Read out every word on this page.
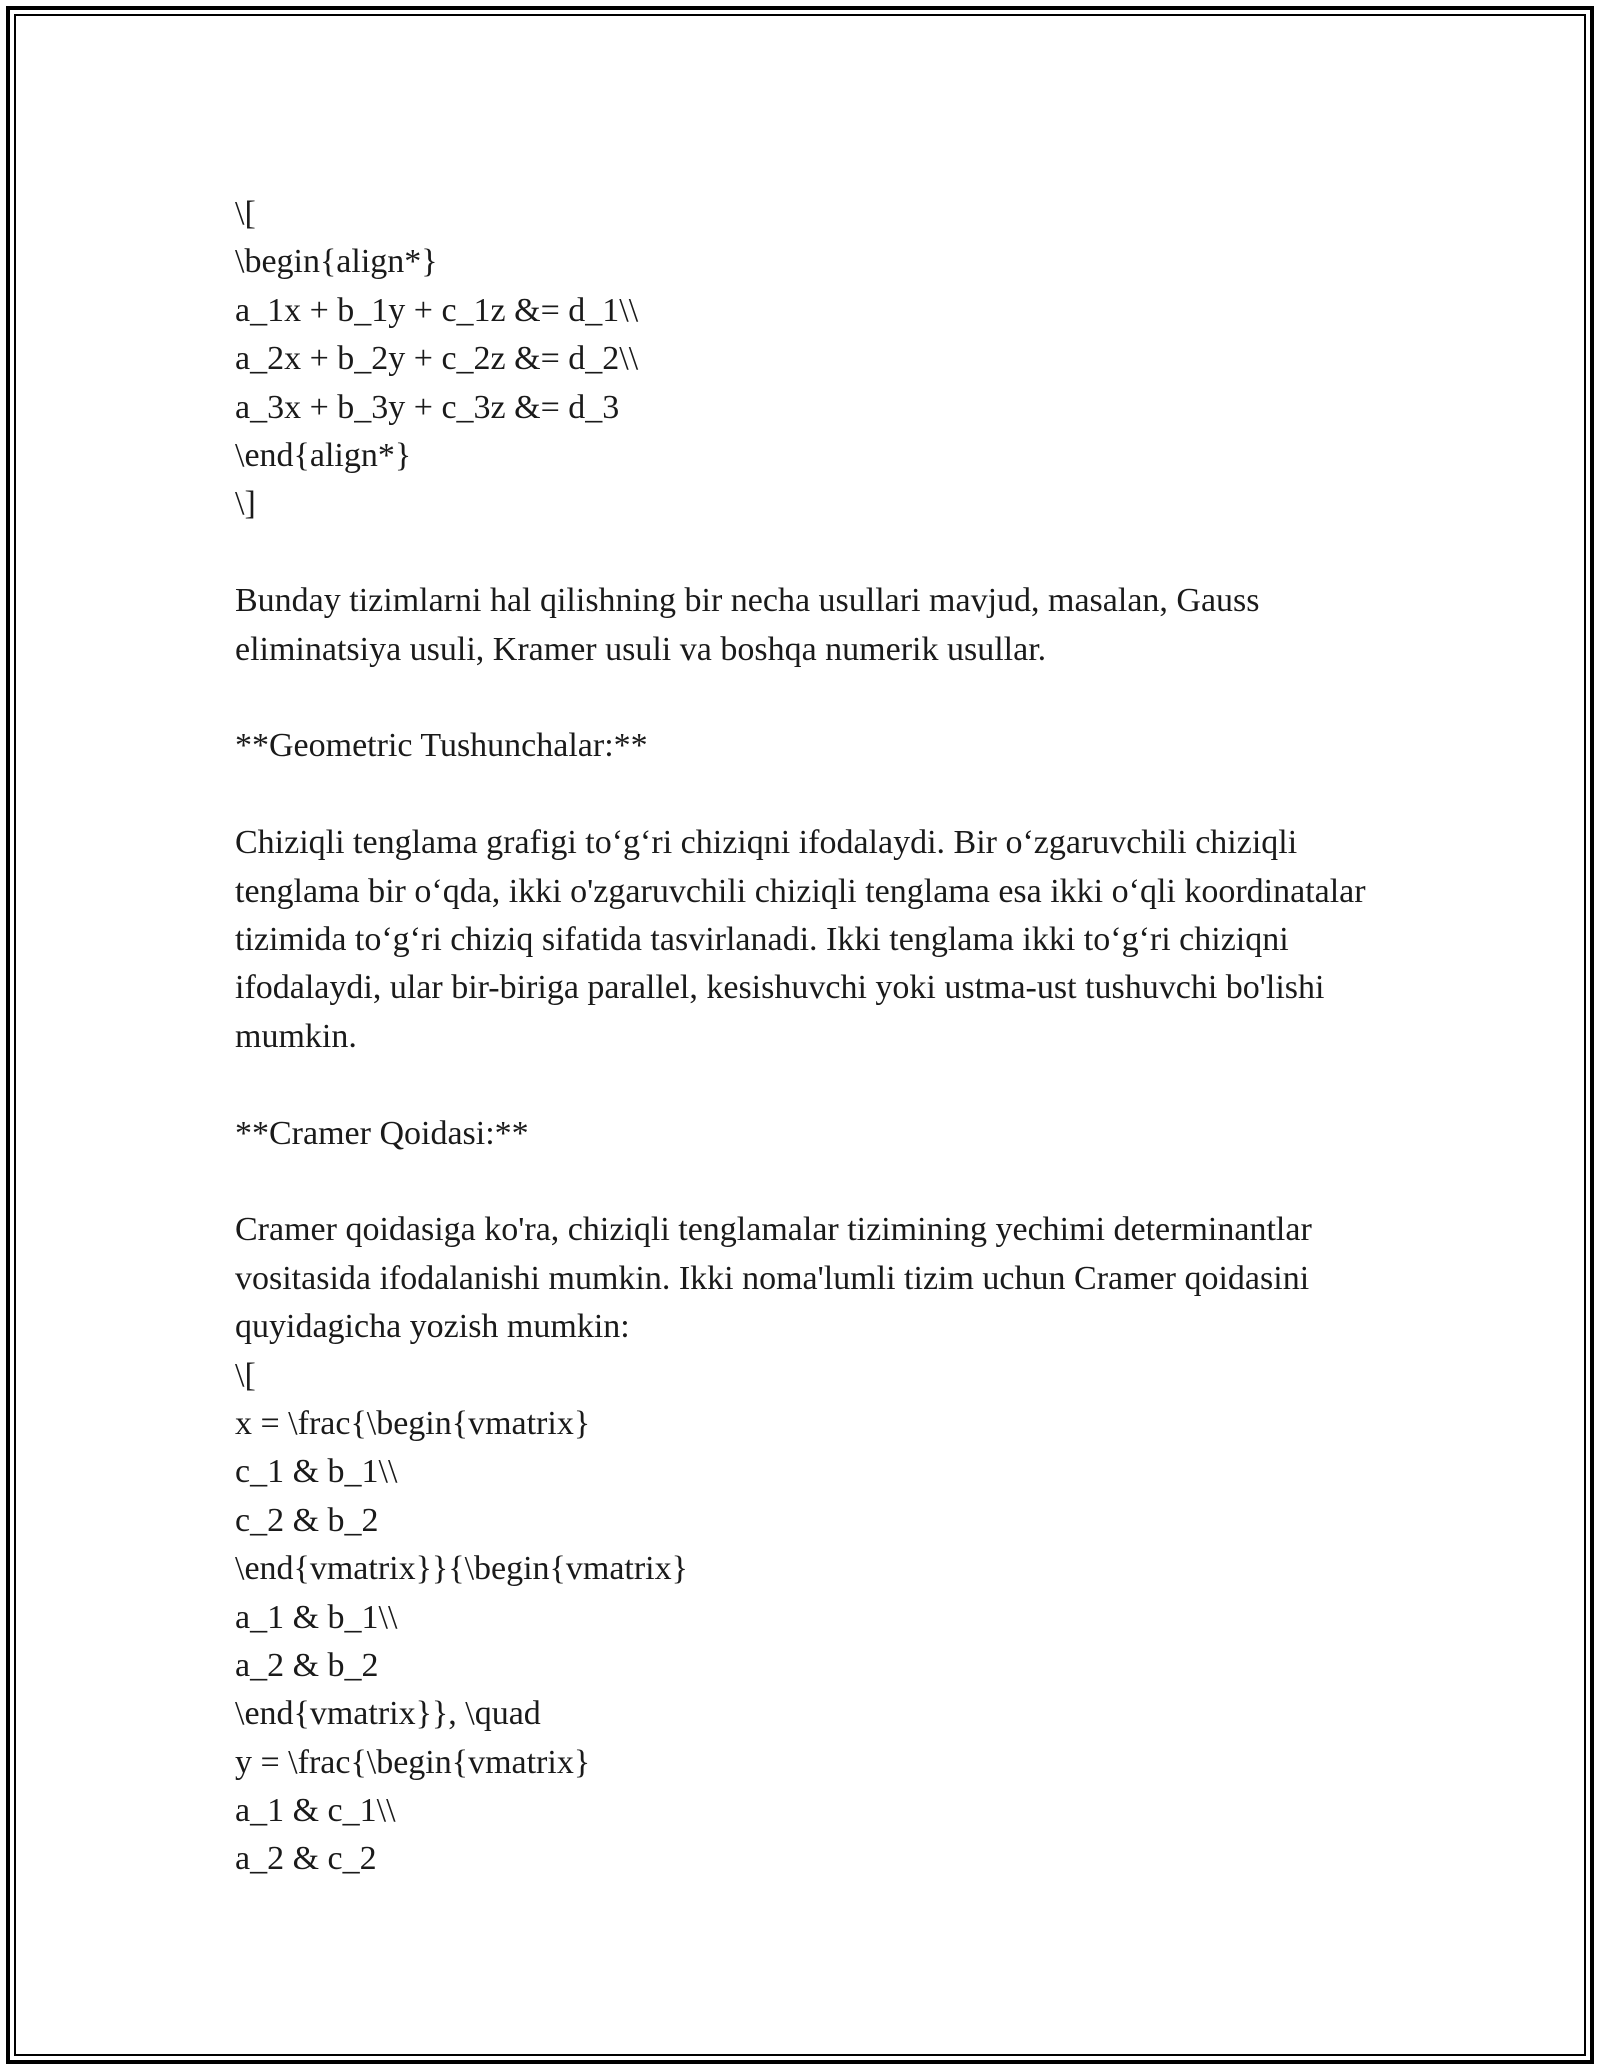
\[
\begin{align*}
a_1x + b_1y + c_1z &= d_1\\
a_2x + b_2y + c_2z &= d_2\\
a_3x + b_3y + c_3z &= d_3
\end{align*}
\]

Bunday tizimlarni hal qilishning bir necha usullari mavjud, masalan, Gauss eliminatsiya usuli, Kramer usuli va boshqa numerik usullar.

**Geometric Tushunchalar:**

Chiziqli tenglama grafigi to‘g‘ri chiziqni ifodalaydi. Bir o‘zgaruvchili chiziqli tenglama bir o‘qda, ikki o'zgaruvchili chiziqli tenglama esa ikki o‘qli koordinatalar tizimida to‘g‘ri chiziq sifatida tasvirlanadi. Ikki tenglama ikki to‘g‘ri chiziqni ifodalaydi, ular bir-biriga parallel, kesishuvchi yoki ustma-ust tushuvchi bo'lishi mumkin.

**Cramer Qoidasi:**

Cramer qoidasiga ko'ra, chiziqli tenglamalar tizimining yechimi determinantlar vositasida ifodalanishi mumkin. Ikki noma'lumli tizim uchun Cramer qoidasini quyidagicha yozish mumkin:

\[
x = \frac{\begin{vmatrix}
c_1 & b_1\\
c_2 & b_2
\end{vmatrix}}{\begin{vmatrix}
a_1 & b_1\\
a_2 & b_2
\end{vmatrix}}, \quad
y = \frac{\begin{vmatrix}
a_1 & c_1\\
a_2 & c_2
